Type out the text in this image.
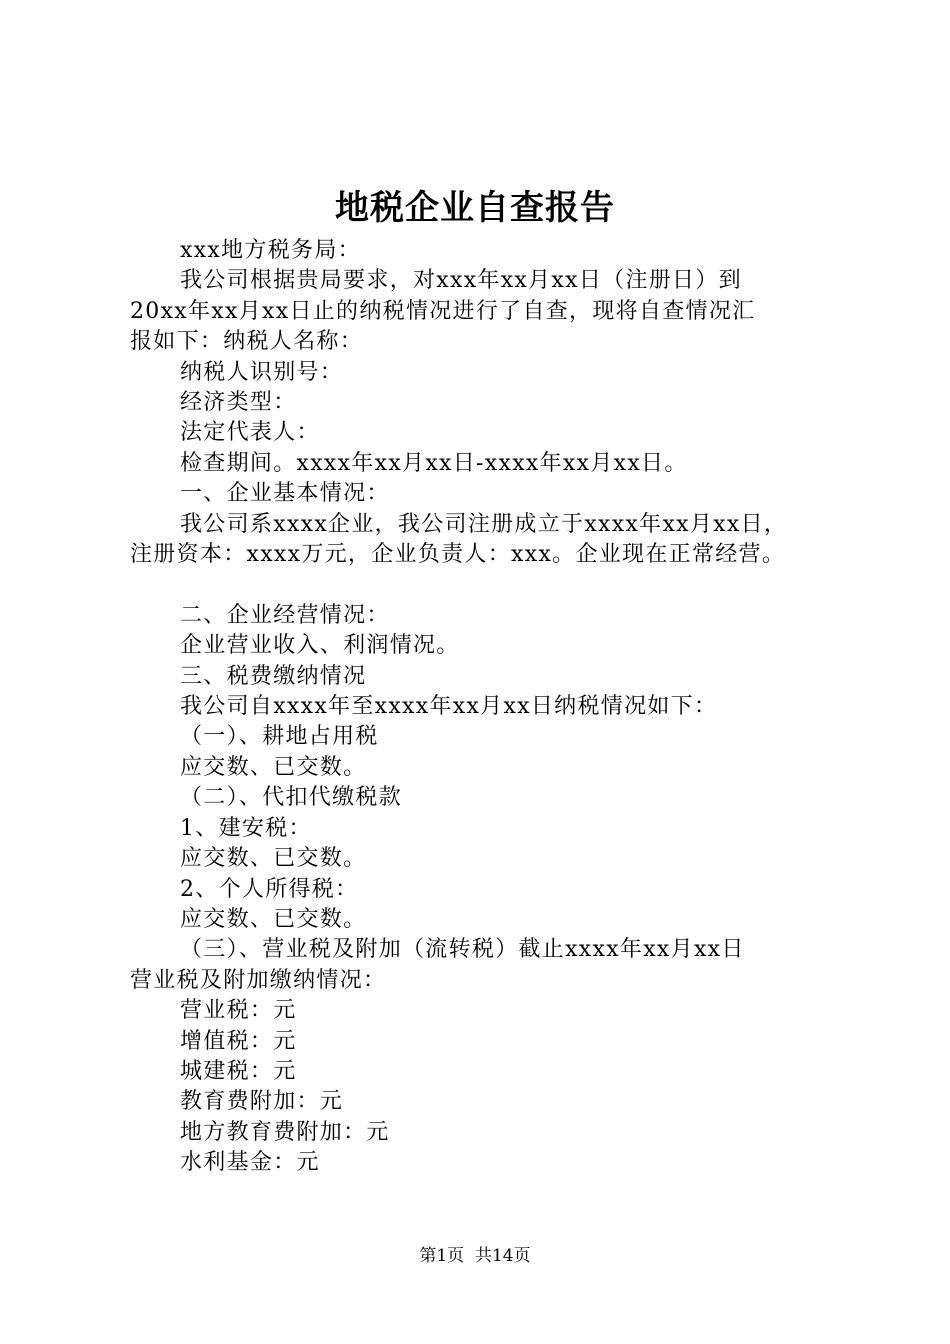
地税企业自查报告
xxx地方税务局：
我公司根据贵局要求，对xxx年xx月xx日（注册日）到
20xx年xx月xx日止的纳税情况进行了自查，现将自查情况汇
报如下：纳税人名称：
纳税人识别号：
经济类型：
法定代表人：
检查期间。xxxx年xx月xx日-xxxx年xx月xx日。
一、企业基本情况：
我公司系xxxx企业，我公司注册成立于xxxx年xx月xx日，
注册资本：xxxx万元，企业负责人：xxx。企业现在正常经营。
二、企业经营情况：
企业营业收入、利润情况。
三、税费缴纳情况
我公司自xxxx年至xxxx年xx月xx日纳税情况如下：
（一）、耕地占用税
应交数、已交数。
（二）、代扣代缴税款
1、建安税：
应交数、已交数。
2、个人所得税：
应交数、已交数。
（三）、营业税及附加（流转税）截止xxxx年xx月xx日
营业税及附加缴纳情况：
营业税：元
增值税：元
城建税：元
教育费附加：元
地方教育费附加：元
水利基金：元
第1页  共14页
